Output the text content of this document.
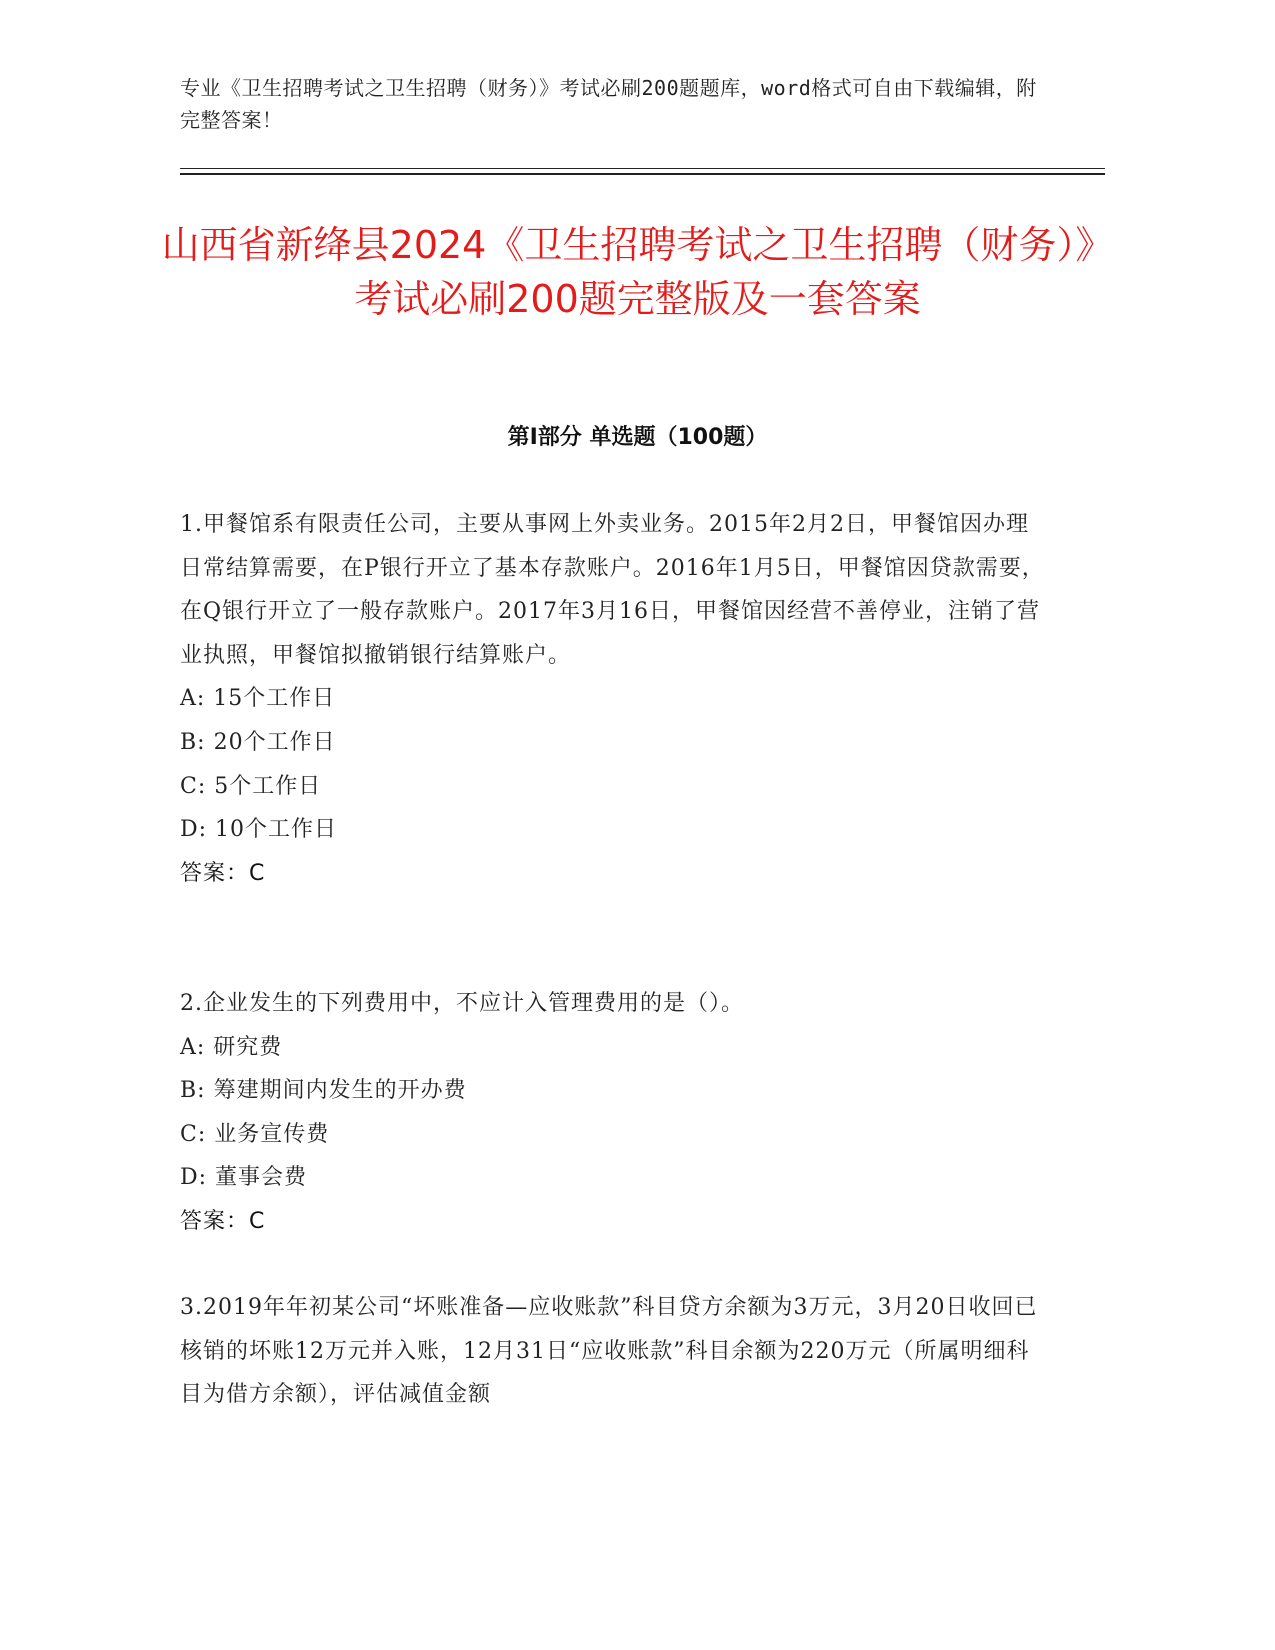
专业《卫生招聘考试之卫生招聘（财务）》考试必刷200题题库，word格式可自由下载编辑，附完整答案！
山西省新绛县2024《卫生招聘考试之卫生招聘（财务）》考试必刷200题完整版及一套答案
第I部分 单选题（100题）

1.甲餐馆系有限责任公司，主要从事网上外卖业务。2015年2月2日，甲餐馆因办理日常结算需要，在P银行开立了基本存款账户。2016年1月5日，甲餐馆因贷款需要，在Q银行开立了一般存款账户。2017年3月16日，甲餐馆因经营不善停业，注销了营业执照，甲餐馆拟撤销银行结算账户。

A: 15个工作日

B: 20个工作日

C: 5个工作日

D: 10个工作日

答案：C

2.企业发生的下列费用中，不应计入管理费用的是（）。

A: 研究费

B: 筹建期间内发生的开办费

C: 业务宣传费

D: 董事会费

答案：C

3.2019年年初某公司“坏账准备—应收账款”科目贷方余额为3万元，3月20日收回已核销的坏账12万元并入账，12月31日“应收账款”科目余额为220万元（所属明细科目为借方余额），评估减值金额
